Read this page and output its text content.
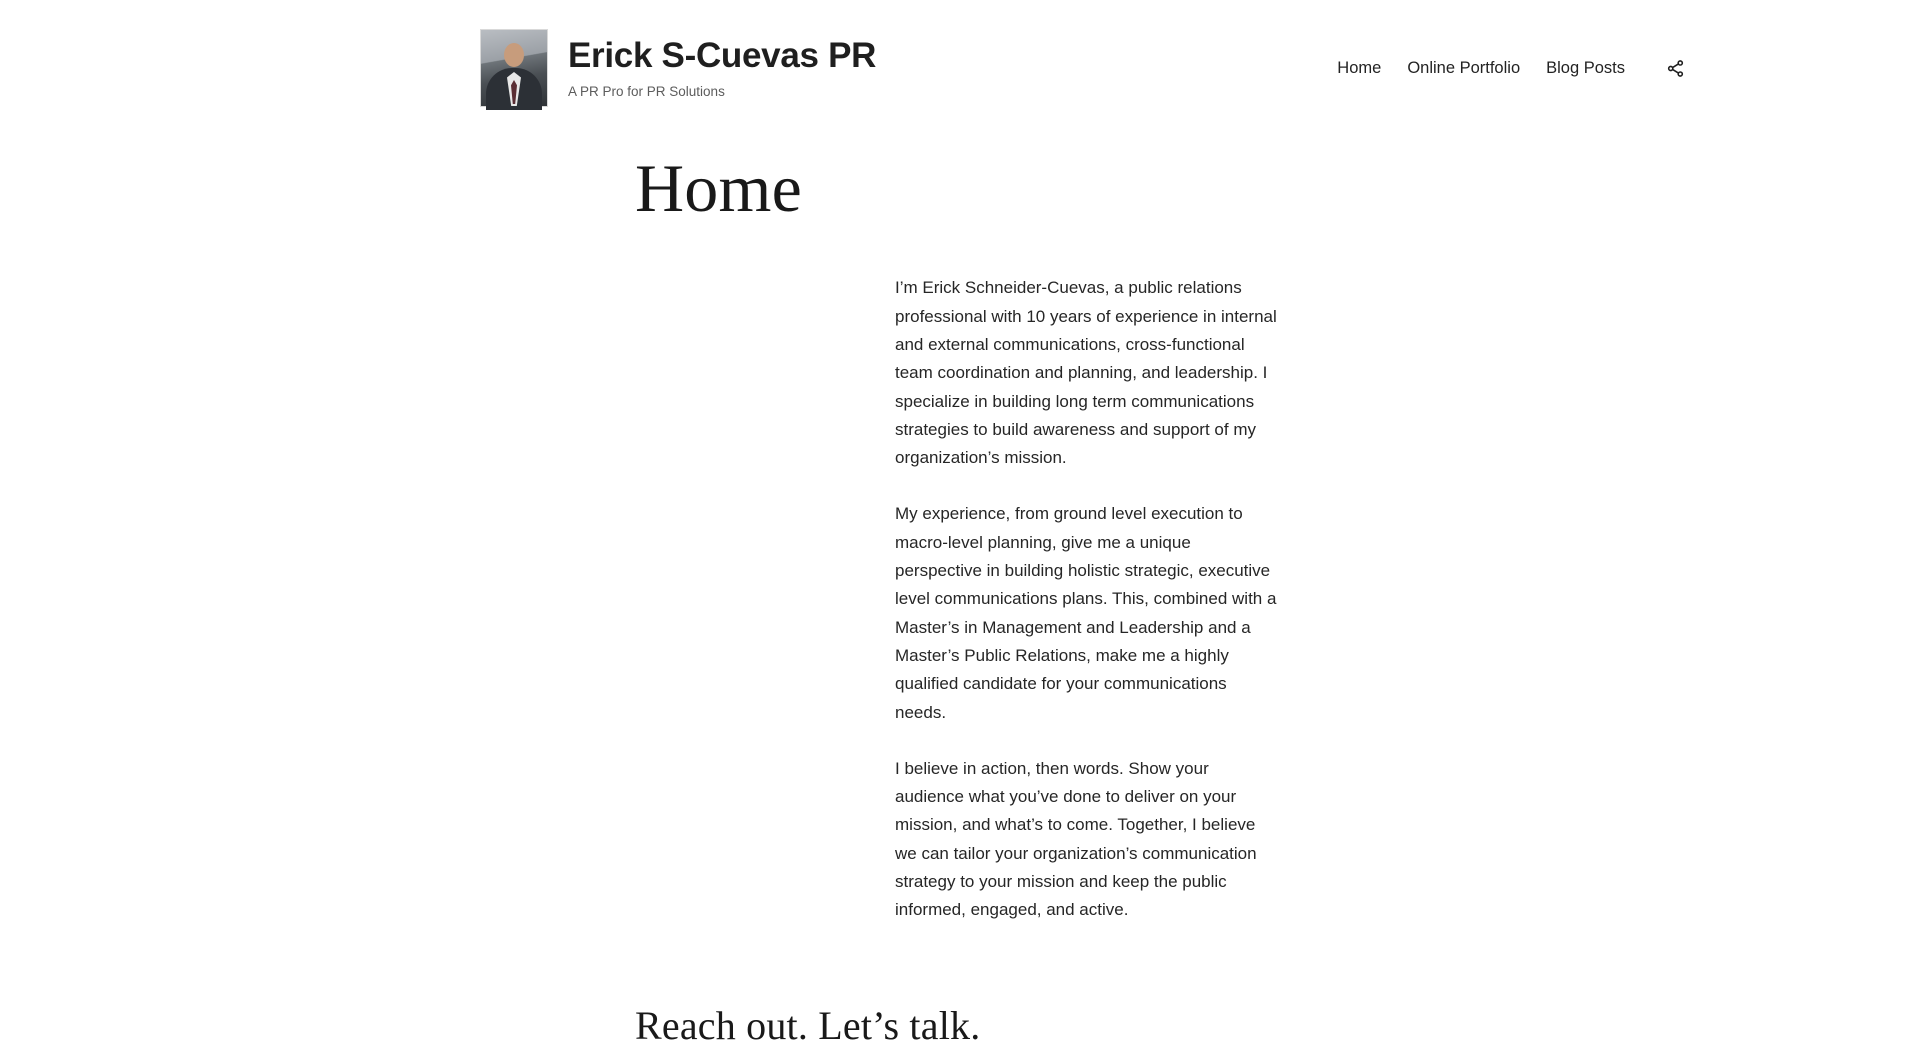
Erick S-Cuevas PR
A PR Pro for PR Solutions
Home	Online Portfolio	Blog Posts
Home

I’m Erick Schneider-Cuevas, a public relations professional with 10 years of experience in internal and external communications, cross-functional team coordination and planning, and leadership. I specialize in building long term communications strategies to build awareness and support of my organization’s mission.

My experience, from ground level execution to macro-level planning, give me a unique perspective in building holistic strategic, executive level communications plans. This, combined with a Master’s in Management and Leadership and a Master’s Public Relations, make me a highly qualified candidate for your communications needs.

I believe in action, then words. Show your audience what you’ve done to deliver on your mission, and what’s to come. Together, I believe we can tailor your organization’s communication strategy to your mission and keep the public informed, engaged, and active.

Reach out. Let’s talk.
